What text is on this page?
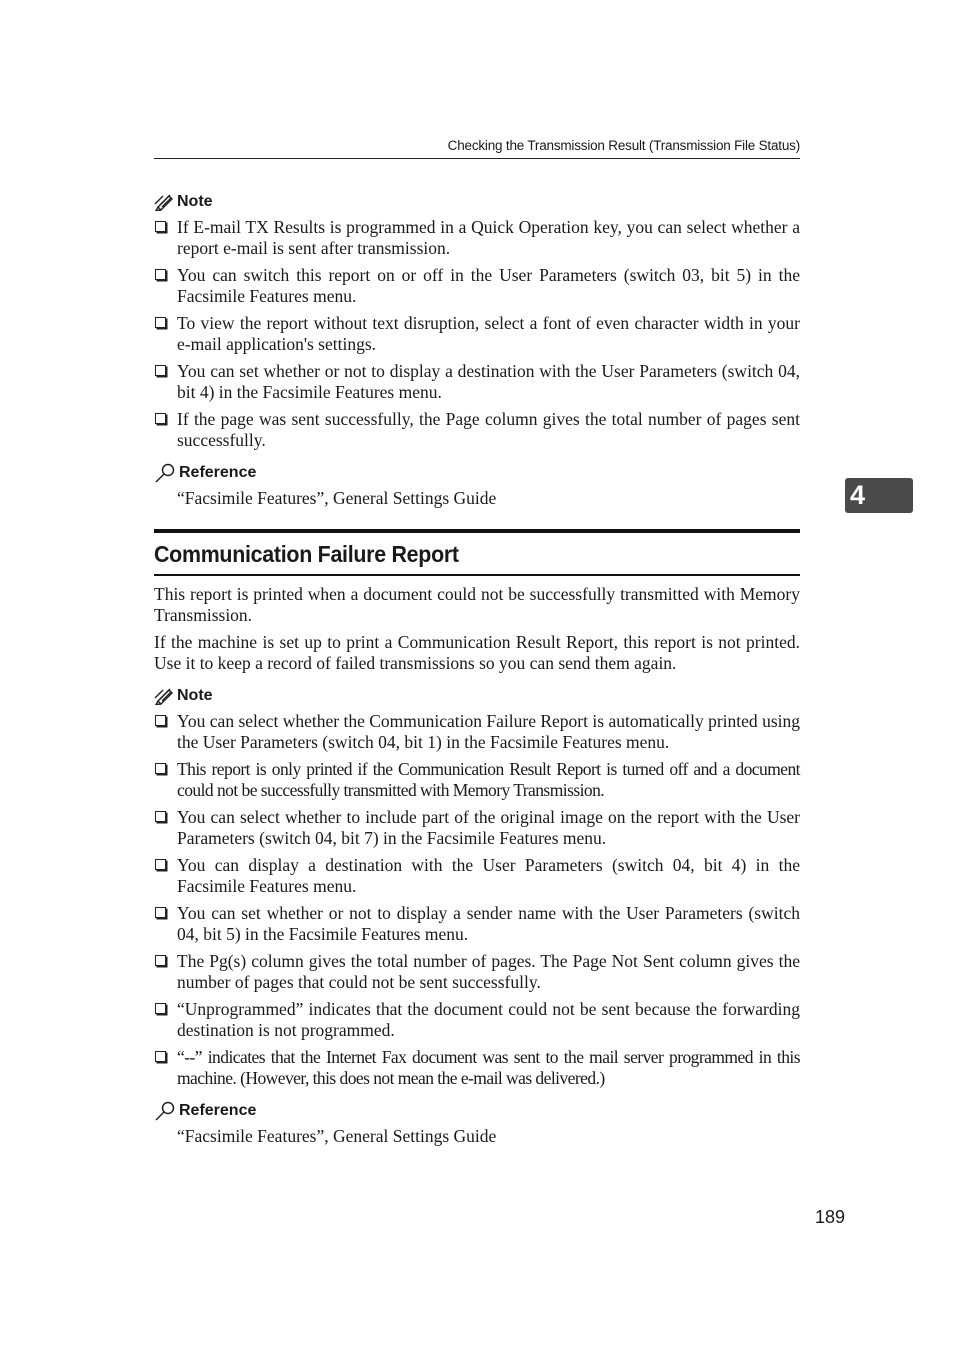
Checking the Transmission Result (Transmission File Status)
4
Note
If E-mail TX Results is programmed in a Quick Operation key, you can select whether a report e-mail is sent after transmission.
You can switch this report on or off in the User Parameters (switch 03, bit 5) in the Facsimile Features menu.
To view the report without text disruption, select a font of even character width in your e-mail application's settings.
You can set whether or not to display a destination with the User Parameters (switch 04, bit 4) in the Facsimile Features menu.
If the page was sent successfully, the Page column gives the total number of pages sent successfully.
Reference
“Facsimile Features”, General Settings Guide
Communication Failure Report

This report is printed when a document could not be successfully transmitted with Memory Transmission.

If the machine is set up to print a Communication Result Report, this report is not printed. Use it to keep a record of failed transmissions so you can send them again.

Note
You can select whether the Communication Failure Report is automatically printed using the User Parameters (switch 04, bit 1) in the Facsimile Features menu.
This report is only printed if the Communication Result Report is turned off and a document could not be successfully transmitted with Memory Transmission.
You can select whether to include part of the original image on the report with the User Parameters (switch 04, bit 7) in the Facsimile Features menu.
You can display a destination with the User Parameters (switch 04, bit 4) in the Facsimile Features menu.
You can set whether or not to display a sender name with the User Parameters (switch 04, bit 5) in the Facsimile Features menu.
The Pg(s) column gives the total number of pages. The Page Not Sent column gives the number of pages that could not be sent successfully.
“Unprogrammed” indicates that the document could not be sent because the forwarding destination is not programmed.
“--” indicates that the Internet Fax document was sent to the mail server programmed in this machine. (However, this does not mean the e-mail was delivered.)
Reference
“Facsimile Features”, General Settings Guide
189
